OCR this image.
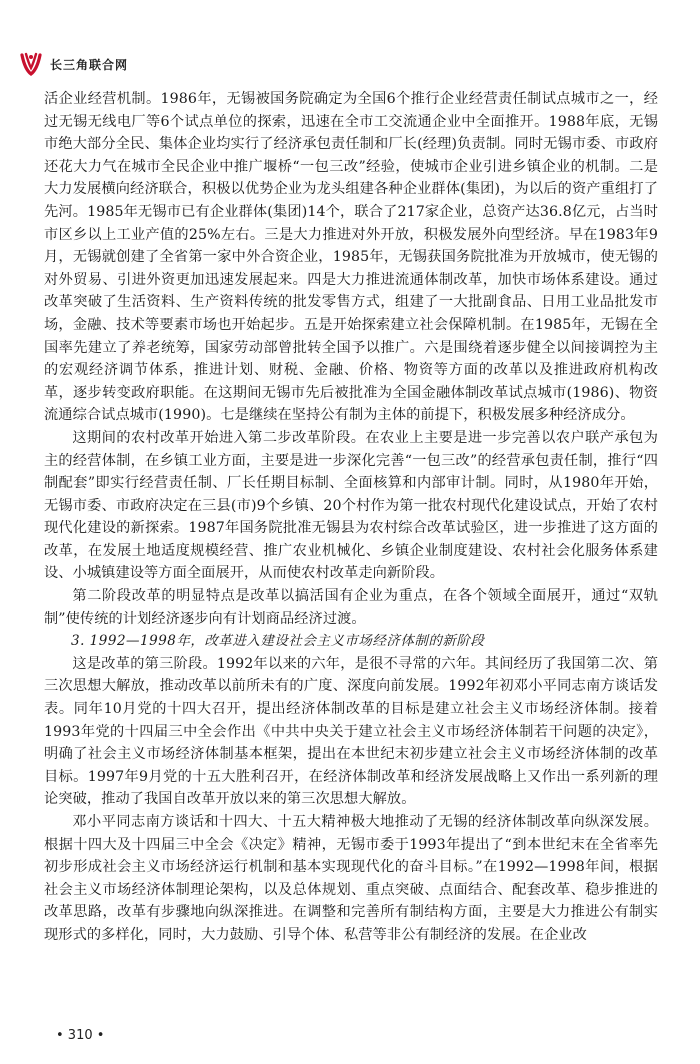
长三角联合网

活企业经营机制。1986年，无锡被国务院确定为全国6个推行企业经营责任制试点城市之一，经过无锡无线电厂等6个试点单位的探索，迅速在全市工交流通企业中全面推开。1988年底，无锡市绝大部分全民、集体企业均实行了经济承包责任制和厂长(经理)负责制。同时无锡市委、市政府还花大力气在城市全民企业中推广堰桥“一包三改”经验，使城市企业引进乡镇企业的机制。二是大力发展横向经济联合，积极以优势企业为龙头组建各种企业群体(集团)，为以后的资产重组打了先河。1985年无锡市已有企业群体(集团)14个，联合了217家企业，总资产达36.8亿元，占当时市区乡以上工业产值的25%左右。三是大力推进对外开放，积极发展外向型经济。早在1983年9月，无锡就创建了全省第一家中外合资企业，1985年，无锡获国务院批准为开放城市，使无锡的对外贸易、引进外资更加迅速发展起来。四是大力推进流通体制改革，加快市场体系建设。通过改革突破了生活资料、生产资料传统的批发零售方式，组建了一大批副食品、日用工业品批发市场，金融、技术等要素市场也开始起步。五是开始探索建立社会保障机制。在1985年，无锡在全国率先建立了养老统筹，国家劳动部曾批转全国予以推广。六是围绕着逐步健全以间接调控为主的宏观经济调节体系，推进计划、财税、金融、价格、物资等方面的改革以及推进政府机构改革，逐步转变政府职能。在这期间无锡市先后被批准为全国金融体制改革试点城市(1986)、物资流通综合试点城市(1990)。七是继续在坚持公有制为主体的前提下，积极发展多种经济成分。

这期间的农村改革开始进入第二步改革阶段。在农业上主要是进一步完善以农户联产承包为主的经营体制，在乡镇工业方面，主要是进一步深化完善“一包三改”的经营承包责任制，推行“四制配套”即实行经营责任制、厂长任期目标制、全面核算和内部审计制。同时，从1980年开始，无锡市委、市政府决定在三县(市)9个乡镇、20个村作为第一批农村现代化建设试点，开始了农村现代化建设的新探索。1987年国务院批准无锡县为农村综合改革试验区，进一步推进了这方面的改革，在发展土地适度规模经营、推广农业机械化、乡镇企业制度建设、农村社会化服务体系建设、小城镇建设等方面全面展开，从而使农村改革走向新阶段。

第二阶段改革的明显特点是改革以搞活国有企业为重点，在各个领域全面展开，通过“双轨制”使传统的计划经济逐步向有计划商品经济过渡。

3. 1992—1998年，改革进入建设社会主义市场经济体制的新阶段

这是改革的第三阶段。1992年以来的六年，是很不寻常的六年。其间经历了我国第二次、第三次思想大解放，推动改革以前所未有的广度、深度向前发展。1992年初邓小平同志南方谈话发表。同年10月党的十四大召开，提出经济体制改革的目标是建立社会主义市场经济体制。接着1993年党的十四届三中全会作出《中共中央关于建立社会主义市场经济体制若干问题的决定》，明确了社会主义市场经济体制基本框架，提出在本世纪末初步建立社会主义市场经济体制的改革目标。1997年9月党的十五大胜利召开，在经济体制改革和经济发展战略上又作出一系列新的理论突破，推动了我国自改革开放以来的第三次思想大解放。

邓小平同志南方谈话和十四大、十五大精神极大地推动了无锡的经济体制改革向纵深发展。根据十四大及十四届三中全会《决定》精神，无锡市委于1993年提出了“到本世纪末在全省率先初步形成社会主义市场经济运行机制和基本实现现代化的奋斗目标。”在1992—1998年间，根据社会主义市场经济体制理论架构，以及总体规划、重点突破、点面结合、配套改革、稳步推进的改革思路，改革有步骤地向纵深推进。在调整和完善所有制结构方面，主要是大力推进公有制实现形式的多样化，同时，大力鼓励、引导个体、私营等非公有制经济的发展。在企业改

• 310 •
